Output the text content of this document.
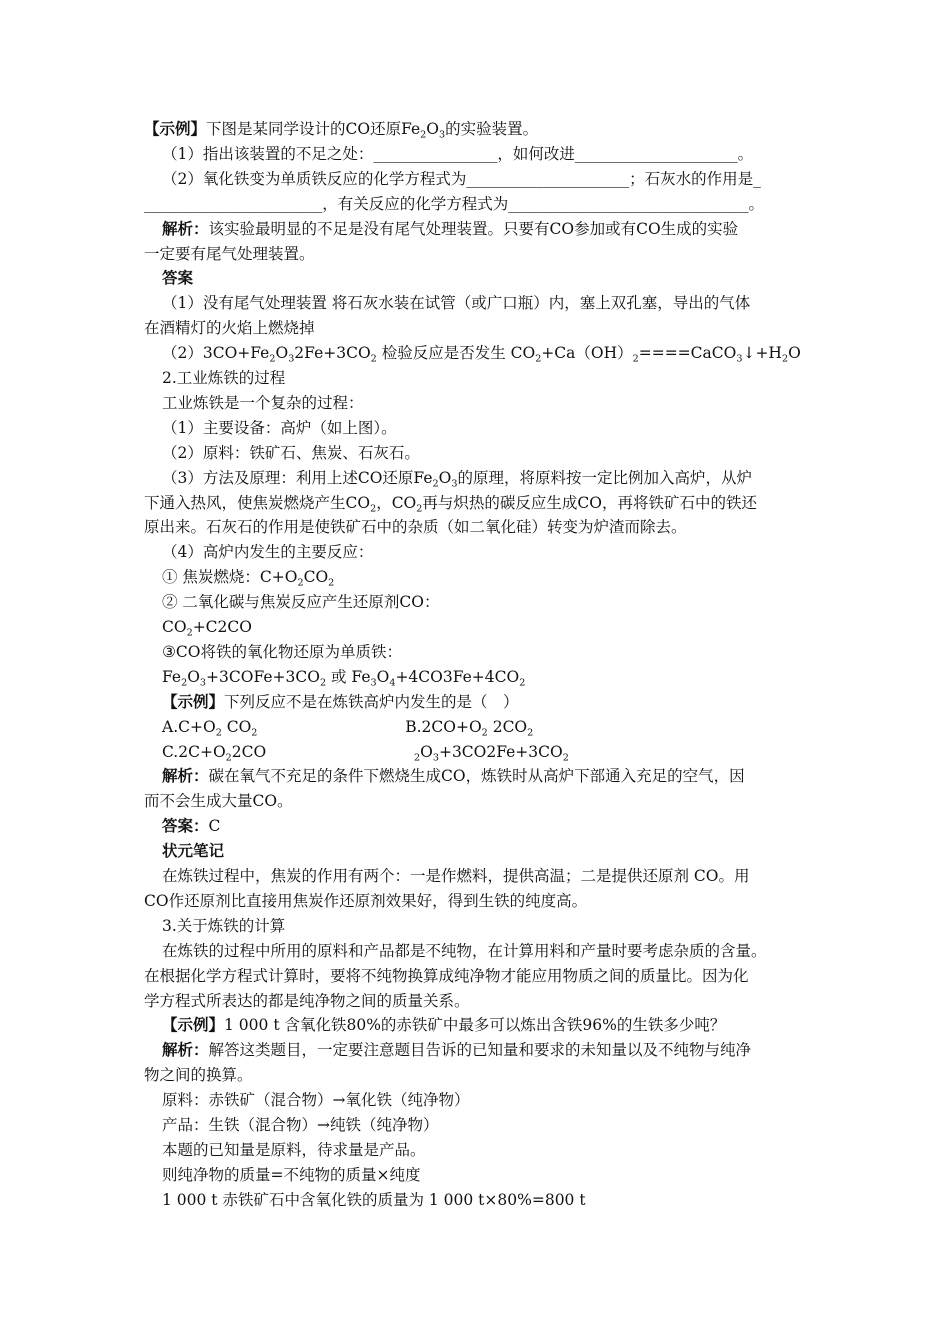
【示例】下图是某同学设计的CO还原$Fe_2O_3$的实验装置。
（1）指出该装置的不足之处：________________，如何改进_____________________。
（2）氧化铁变为单质铁反应的化学方程式为_____________________；石灰水的作用是_
_______________________，有关反应的化学方程式为_______________________________。
解析：该实验最明显的不足是没有尾气处理装置。只要有CO参加或有CO生成的实验
一定要有尾气处理装置。
答案
（1）没有尾气处理装置 将石灰水装在试管（或广口瓶）内，塞上双孔塞，导出的气体
在酒精灯的火焰上燃烧掉
$(2)3CO+Fe_2O_32Fe+3CO_2$ 检验反应是否发生 $CO_2+Ca(OH)_2====CaCO_3↓+H_2O$
2.工业炼铁的过程
工业炼铁是一个复杂的过程：
（1）主要设备：高炉（如上图）。
（2）原料：铁矿石、焦炭、石灰石。
（3）方法及原理：利用上述CO还原$Fe_2O_3$的原理，将原料按一定比例加入高炉，从炉
下通入热风，使焦炭燃烧产生$CO_2$，$CO_2$再与炽热的碳反应生成CO，再将铁矿石中的铁还
原出来。石灰石的作用是使铁矿石中的杂质（如二氧化硅）转变为炉渣而除去。
（4）高炉内发生的主要反应：
① 焦炭燃烧：$C+O_2CO_2$
② 二氧化碳与焦炭反应产生还原剂CO：
$CO_2+C2CO$
③CO将铁的氧化物还原为单质铁：
$Fe_2O_3+3COFe+3CO_2$ 或 $Fe_3O_4+4CO3Fe+4CO_2$
【示例】下列反应不是在炼铁高炉内发生的是（　）
$A.C+O_2$ $CO_2$                              $B.2CO+O_2$ $2CO_2$
$C.2C+O_22CO$                              $_2O_3+3CO2Fe+3CO_2$
解析：碳在氧气不充足的条件下燃烧生成CO，炼铁时从高炉下部通入充足的空气，因
而不会生成大量CO。
答案：C
状元笔记
在炼铁过程中，焦炭的作用有两个：一是作燃料，提供高温；二是提供还原剂 CO。用
CO作还原剂比直接用焦炭作还原剂效果好，得到生铁的纯度高。
3.关于炼铁的计算
在炼铁的过程中所用的原料和产品都是不纯物，在计算用料和产量时要考虑杂质的含量。
在根据化学方程式计算时，要将不纯物换算成纯净物才能应用物质之间的质量比。因为化
学方程式所表达的都是纯净物之间的质量关系。
【示例】1 000 t 含氧化铁80%的赤铁矿中最多可以炼出含铁96%的生铁多少吨？
解析：解答这类题目，一定要注意题目告诉的已知量和要求的未知量以及不纯物与纯净
物之间的换算。
原料：赤铁矿（混合物）→氧化铁（纯净物）
产品：生铁（混合物）→纯铁（纯净物）
本题的已知量是原料，待求量是产品。
则纯净物的质量=不纯物的质量×纯度
1 000 t 赤铁矿石中含氧化铁的质量为 1 000 t×80%=800 t
